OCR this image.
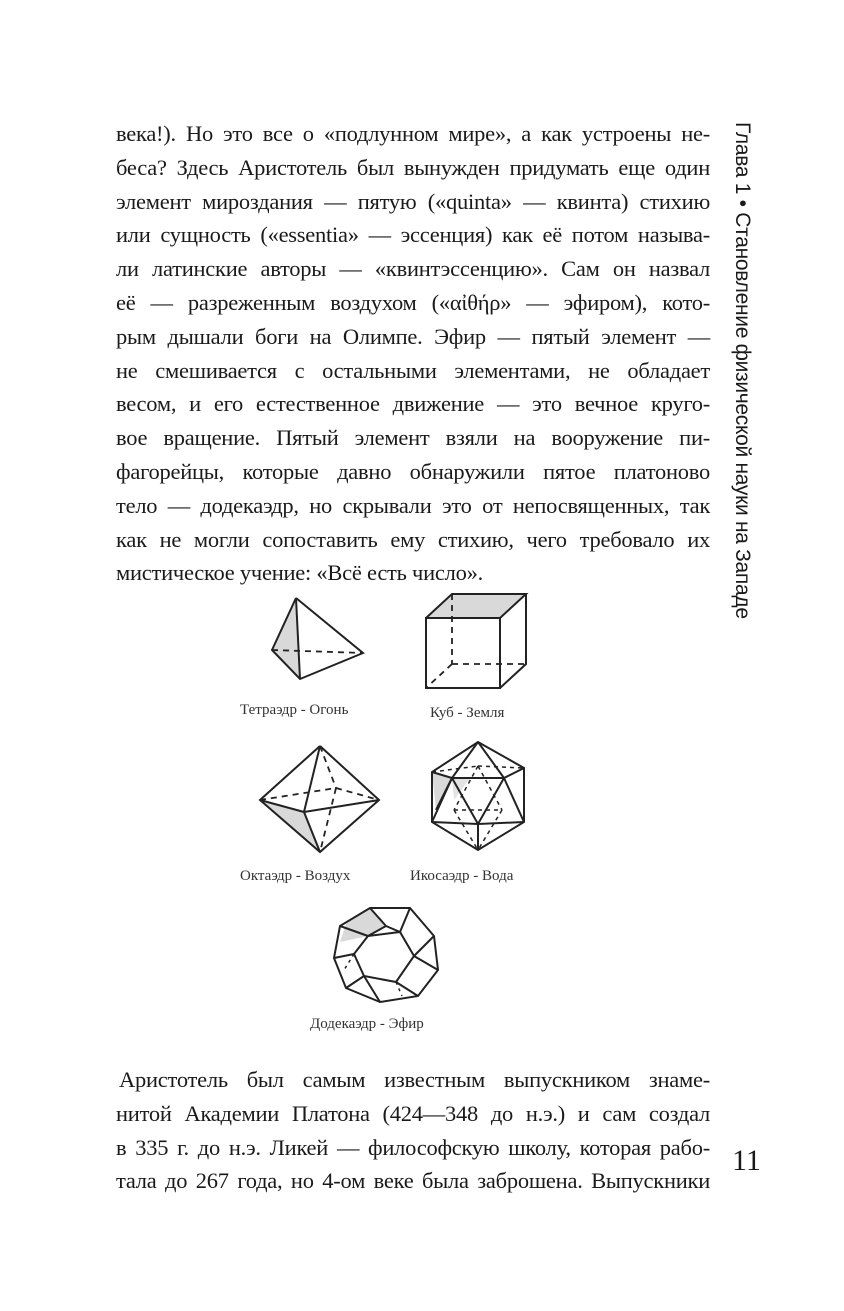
Глава 1 • Становление физической науки на Западе

века!). Но это все о «подлунном мире», а как устроены не-

беса? Здесь Аристотель был вынужден придумать еще один

элемент мироздания — пятую («quinta» — квинта) стихию

или сущность («essentia» — эссенция) как её потом называ-

ли латинские авторы — «квинтэссенцию». Сам он назвал

её — разреженным воздухом («αἰθήρ» — эфиром), кото-

рым дышали боги на Олимпе. Эфир — пятый элемент —

не смешивается с остальными элементами, не обладает

весом, и его естественное движение — это вечное круго-

вое вращение. Пятый элемент взяли на вооружение пи-

фагорейцы, которые давно обнаружили пятое платоново

тело — додекаэдр, но скрывали это от непосвященных, так

как не могли сопоставить ему стихию, чего требовало их

мистическое учение: «Всё есть число».

Тетраэдр - Огонь	Куб - Земля
Октаэдр - Воздух	Икосаэдр - Вода
Додекаэдр - Эфир

Аристотель был самым известным выпускником знаме-

нитой Академии Платона (424—348 до н.э.) и сам создал

в 335 г. до н.э. Ликей — философскую школу, которая рабо-

тала до 267 года, но 4-ом веке была заброшена. Выпускники

11
